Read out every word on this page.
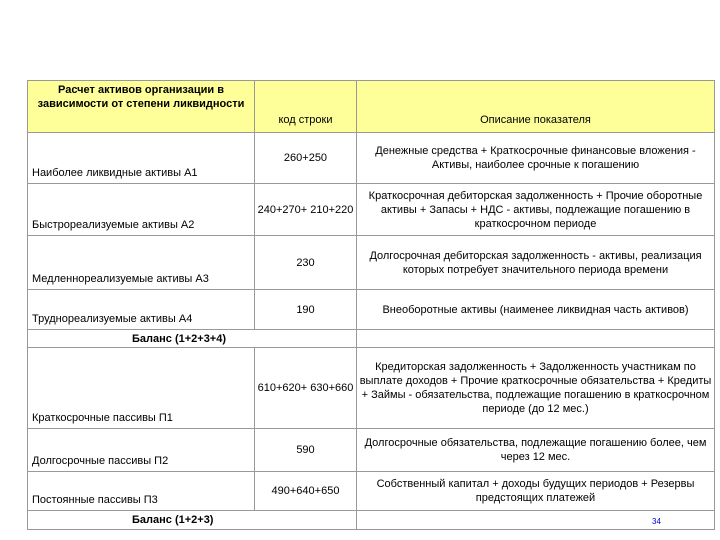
Расчет активов организации в зависимости от степени ликвидности	код строки	Описание показателя
Наиболее ликвидные активы А1	260+250	Денежные средства + Краткосрочные финансовые вложения - Активы, наиболее срочные к погашению
Быстрореализуемые активы А2	240+270+ 210+220	Краткосрочная дебиторская задолженность + Прочие оборотные активы + Запасы + НДС - активы, подлежащие погашению в краткосрочном периоде
Медленнореализуемые активы А3	230	Долгосрочная дебиторская задолженность - активы, реализация которых потребует значительного периода времени
Труднореализуемые активы А4	190	Внеоборотные активы (наименее ликвидная часть активов)
Баланс (1+2+3+4)		
Краткосрочные пассивы П1	610+620+ 630+660	Кредиторская задолженность + Задолженность участникам по выплате доходов + Прочие краткосрочные обязательства + Кредиты + Займы - обязательства, подлежащие погашению в краткосрочном периоде (до 12 мес.)
Долгосрочные пассивы П2	590	Долгосрочные обязательства, подлежащие погашению более, чем через 12 мес.
Постоянные пассивы П3	490+640+650	Собственный капитал + доходы будущих периодов + Резервы предстоящих платежей
Баланс (1+2+3)			34
